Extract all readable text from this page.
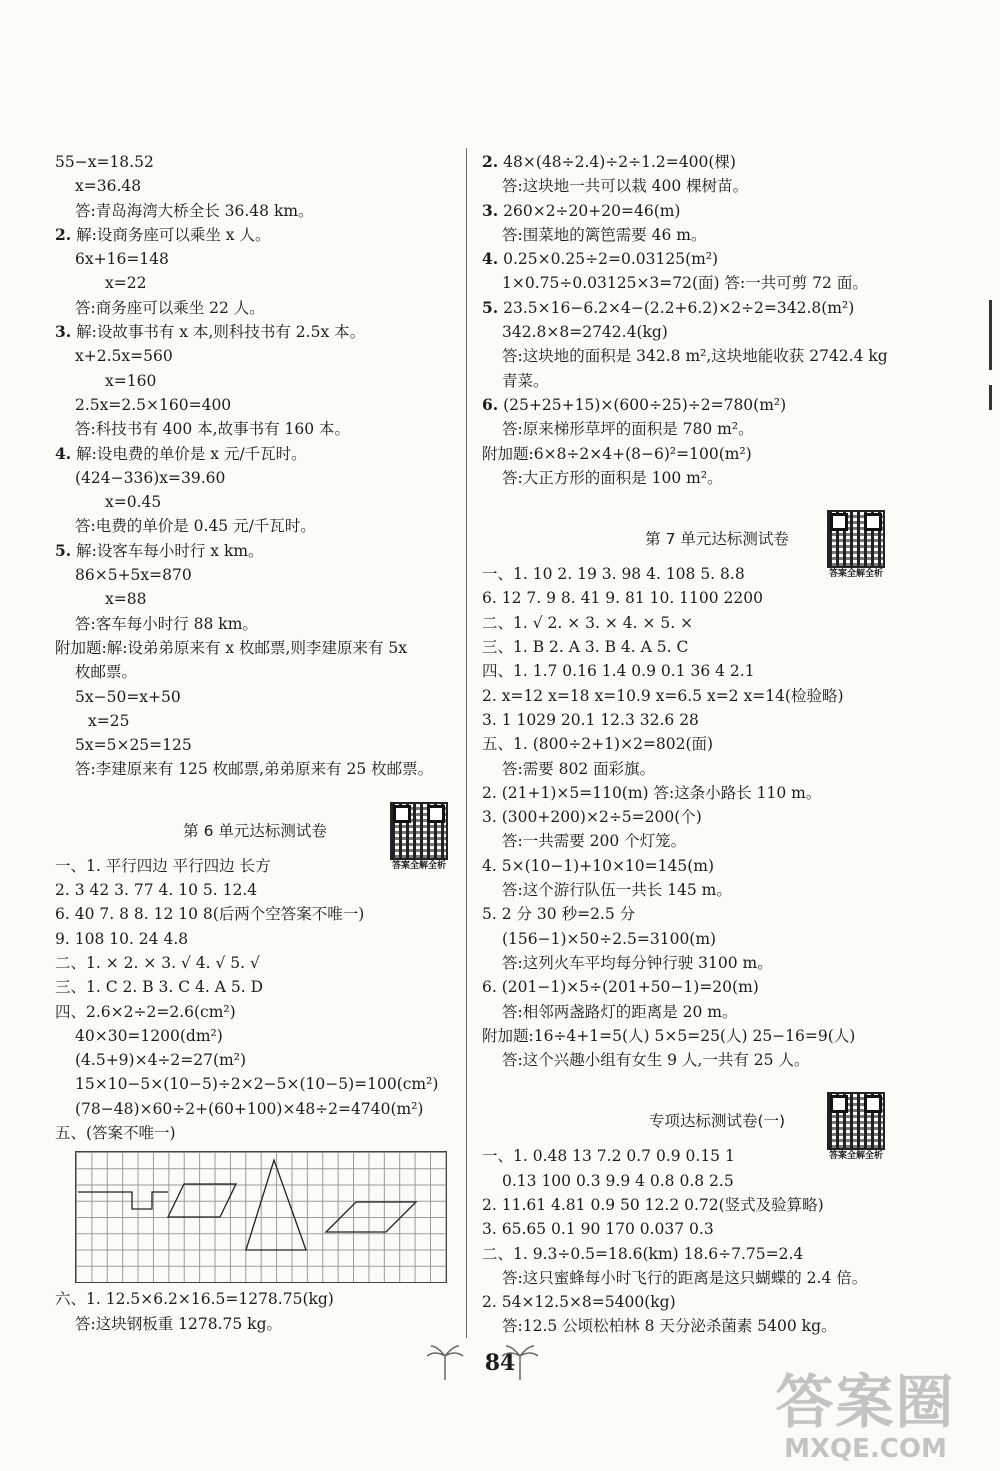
55−x=18.52
x=36.48
答:青岛海湾大桥全长 36.48 km。
2. 解:设商务座可以乘坐 x 人。
6x+16=148
x=22
答:商务座可以乘坐 22 人。
3. 解:设故事书有 x 本,则科技书有 2.5x 本。
x+2.5x=560
x=160
2.5x=2.5×160=400
答:科技书有 400 本,故事书有 160 本。
4. 解:设电费的单价是 x 元/千瓦时。
(424−336)x=39.60
x=0.45
答:电费的单价是 0.45 元/千瓦时。
5. 解:设客车每小时行 x km。
86×5+5x=870
x=88
答:客车每小时行 88 km。
附加题:解:设弟弟原来有 x 枚邮票,则李建原来有 5x
枚邮票。
5x−50=x+50
x=25
5x=5×25=125
答:李建原来有 125 枚邮票,弟弟原来有 25 枚邮票。
第 6 单元达标测试卷
答案全解全析
一、1. 平行四边 平行四边 长方
2. 3 42 3. 77 4. 10 5. 12.4
6. 40 7. 8 8. 12 10 8(后两个空答案不唯一)
9. 108 10. 24 4.8
二、1. × 2. × 3. √ 4. √ 5. √
三、1. C 2. B 3. C 4. A 5. D
四、2.6×2÷2=2.6(cm²)
40×30=1200(dm²)
(4.5+9)×4÷2=27(m²)
15×10−5×(10−5)÷2×2−5×(10−5)=100(cm²)
(78−48)×60÷2+(60+100)×48÷2=4740(m²)
五、(答案不唯一)
六、1. 12.5×6.2×16.5=1278.75(kg)
答:这块钢板重 1278.75 kg。
2. 48×(48÷2.4)÷2÷1.2=400(棵)
答:这块地一共可以栽 400 棵树苗。
3. 260×2÷20+20=46(m)
答:围菜地的篱笆需要 46 m。
4. 0.25×0.25÷2=0.03125(m²)
1×0.75÷0.03125×3=72(面) 答:一共可剪 72 面。
5. 23.5×16−6.2×4−(2.2+6.2)×2÷2=342.8(m²)
342.8×8=2742.4(kg)
答:这块地的面积是 342.8 m²,这块地能收获 2742.4 kg
青菜。
6. (25+25+15)×(600÷25)÷2=780(m²)
答:原来梯形草坪的面积是 780 m²。
附加题:6×8÷2×4+(8−6)²=100(m²)
答:大正方形的面积是 100 m²。
第 7 单元达标测试卷
答案全解全析
一、1. 10 2. 19 3. 98 4. 108 5. 8.8
6. 12 7. 9 8. 41 9. 81 10. 1100 2200
二、1. √ 2. × 3. × 4. × 5. ×
三、1. B 2. A 3. B 4. A 5. C
四、1. 1.7 0.16 1.4 0.9 0.1 36 4 2.1
2. x=12 x=18 x=10.9 x=6.5 x=2 x=14(检验略)
3. 1 1029 20.1 12.3 32.6 28
五、1. (800÷2+1)×2=802(面)
答:需要 802 面彩旗。
2. (21+1)×5=110(m) 答:这条小路长 110 m。
3. (300+200)×2÷5=200(个)
答:一共需要 200 个灯笼。
4. 5×(10−1)+10×10=145(m)
答:这个游行队伍一共长 145 m。
5. 2 分 30 秒=2.5 分
(156−1)×50÷2.5=3100(m)
答:这列火车平均每分钟行驶 3100 m。
6. (201−1)×5÷(201+50−1)=20(m)
答:相邻两盏路灯的距离是 20 m。
附加题:16÷4+1=5(人) 5×5=25(人) 25−16=9(人)
答:这个兴趣小组有女生 9 人,一共有 25 人。
专项达标测试卷(一)
答案全解全析
一、1. 0.48 13 7.2 0.7 0.9 0.15 1
0.13 100 0.3 9.9 4 0.8 0.8 2.5
2. 11.61 4.81 0.9 50 12.2 0.72(竖式及验算略)
3. 65.65 0.1 90 170 0.037 0.3
二、1. 9.3÷0.5=18.6(km) 18.6÷7.75=2.4
答:这只蜜蜂每小时飞行的距离是这只蝴蝶的 2.4 倍。
2. 54×12.5×8=5400(kg)
答:12.5 公顷松柏林 8 天分泌杀菌素 5400 kg。
84
答案圈
MXQE.COM
